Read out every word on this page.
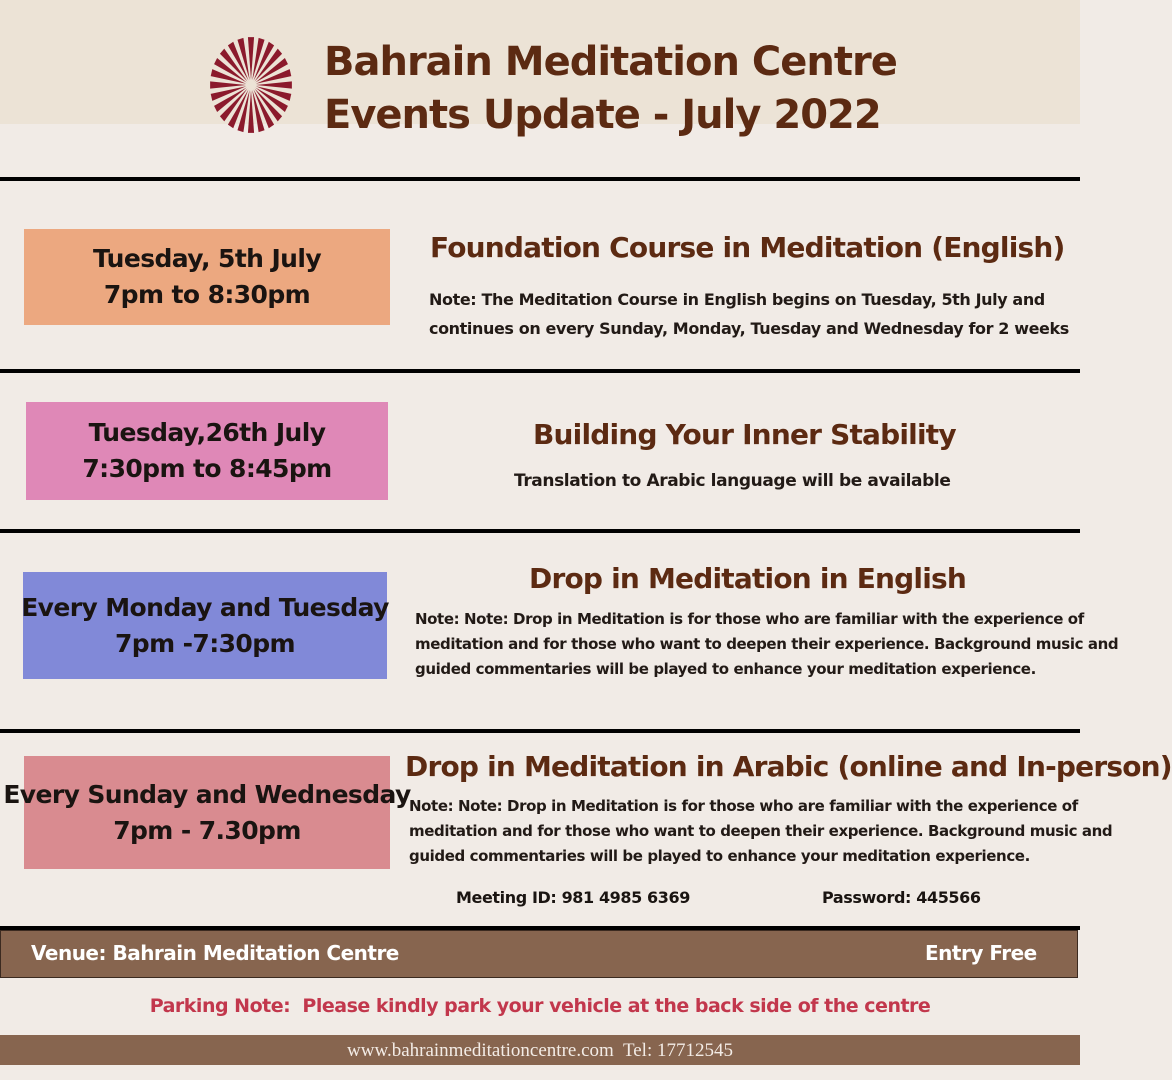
Bahrain Meditation Centre
Events Update - July 2022
Tuesday, 5th July
7pm to 8:30pm
Foundation Course in Meditation (English)
Note: The Meditation Course in English begins on Tuesday, 5th July and
continues on every Sunday, Monday, Tuesday and Wednesday for 2 weeks
Tuesday,26th July
7:30pm to 8:45pm
Building Your Inner Stability
Translation to Arabic language will be available
Every Monday and Tuesday
7pm -7:30pm
Drop in Meditation in English
Note: Note: Drop in Meditation is for those who are familiar with the experience of
meditation and for those who want to deepen their experience. Background music and
guided commentaries will be played to enhance your meditation experience.
Every Sunday and Wednesday
7pm - 7.30pm
Drop in Meditation in Arabic (online and In-person)
Note: Note: Drop in Meditation is for those who are familiar with the experience of
meditation and for those who want to deepen their experience. Background music and
guided commentaries will be played to enhance your meditation experience.
Meeting ID: 981 4985 6369	Password: 445566
Venue: Bahrain Meditation Centre	Entry Free
Parking Note:  Please kindly park your vehicle at the back side of the centre
www.bahrainmeditationcentre.com  Tel: 17712545
